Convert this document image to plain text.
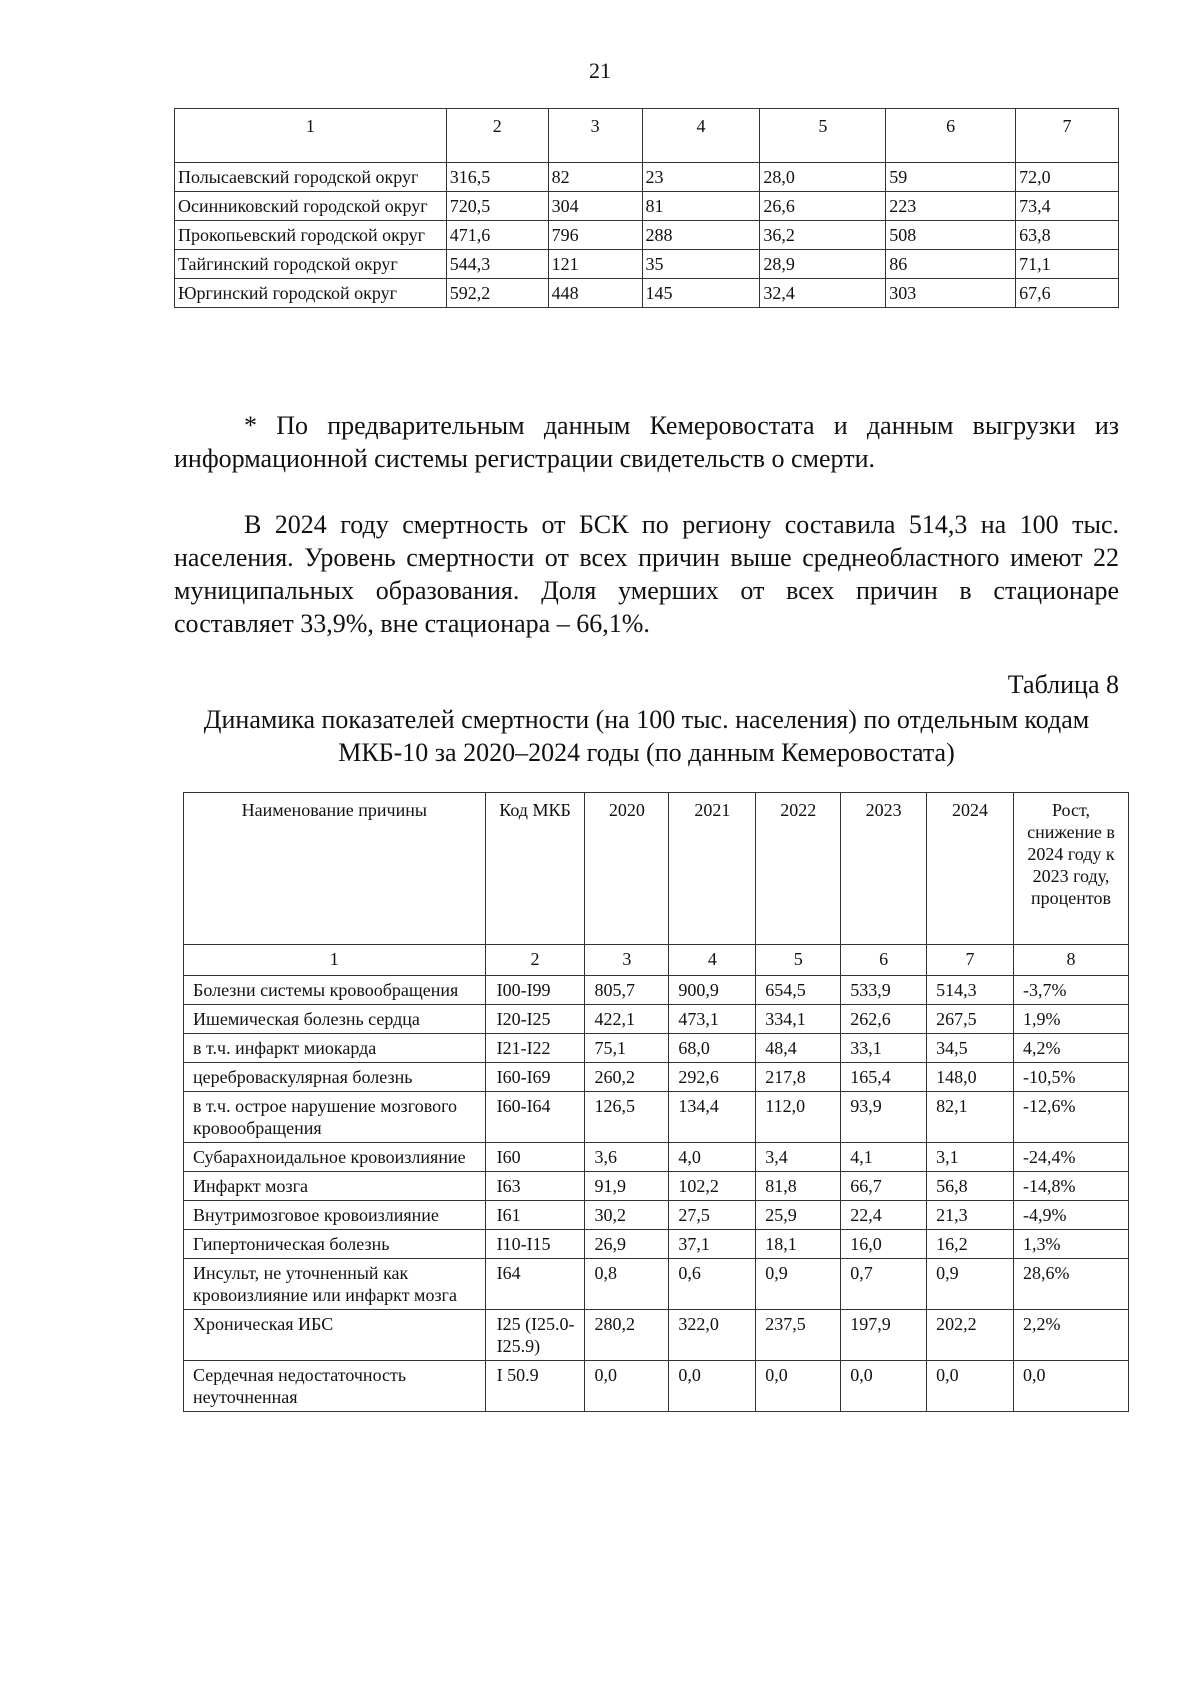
21
1	2	3	4	5	6	7
Полысаевский городской округ	316,5	82	23	28,0	59	72,0
Осинниковский городской округ	720,5	304	81	26,6	223	73,4
Прокопьевский городской округ	471,6	796	288	36,2	508	63,8
Тайгинский городской округ	544,3	121	35	28,9	86	71,1
Юргинский городской округ	592,2	448	145	32,4	303	67,6
* По предварительным данным Кемеровостата и данным выгрузки из информационной системы регистрации свидетельств о смерти.
В 2024 году смертность от БСК по региону составила 514,3 на 100 тыс. населения. Уровень смертности от всех причин выше среднеобластного имеют 22 муниципальных образования. Доля умерших от всех причин в стационаре составляет 33,9%, вне стационара – 66,1%.
Таблица 8
Динамика показателей смертности (на 100 тыс. населения) по отдельным кодам МКБ-10 за 2020–2024 годы (по данным Кемеровостата)
Наименование причины	Код МКБ	2020	2021	2022	2023	2024	Рост, снижение в 2024 году к 2023 году, процентов
1	2	3	4	5	6	7	8
Болезни системы кровообращения	I00-I99	805,7	900,9	654,5	533,9	514,3	-3,7%
Ишемическая болезнь сердца	I20-I25	422,1	473,1	334,1	262,6	267,5	1,9%
в т.ч. инфаркт миокарда	I21-I22	75,1	68,0	48,4	33,1	34,5	4,2%
цереброваскулярная болезнь	I60-I69	260,2	292,6	217,8	165,4	148,0	-10,5%
в т.ч. острое нарушение мозгового кровообращения	I60-I64	126,5	134,4	112,0	93,9	82,1	-12,6%
Субарахноидальное кровоизлияние	I60	3,6	4,0	3,4	4,1	3,1	-24,4%
Инфаркт мозга	I63	91,9	102,2	81,8	66,7	56,8	-14,8%
Внутримозговое кровоизлияние	I61	30,2	27,5	25,9	22,4	21,3	-4,9%
Гипертоническая болезнь	I10-I15	26,9	37,1	18,1	16,0	16,2	1,3%
Инсульт, не уточненный как кровоизлияние или инфаркт мозга	I64	0,8	0,6	0,9	0,7	0,9	28,6%
Хроническая ИБС	I25 (I25.0-I25.9)	280,2	322,0	237,5	197,9	202,2	2,2%
Сердечная недостаточность неуточненная	I 50.9	0,0	0,0	0,0	0,0	0,0	0,0
